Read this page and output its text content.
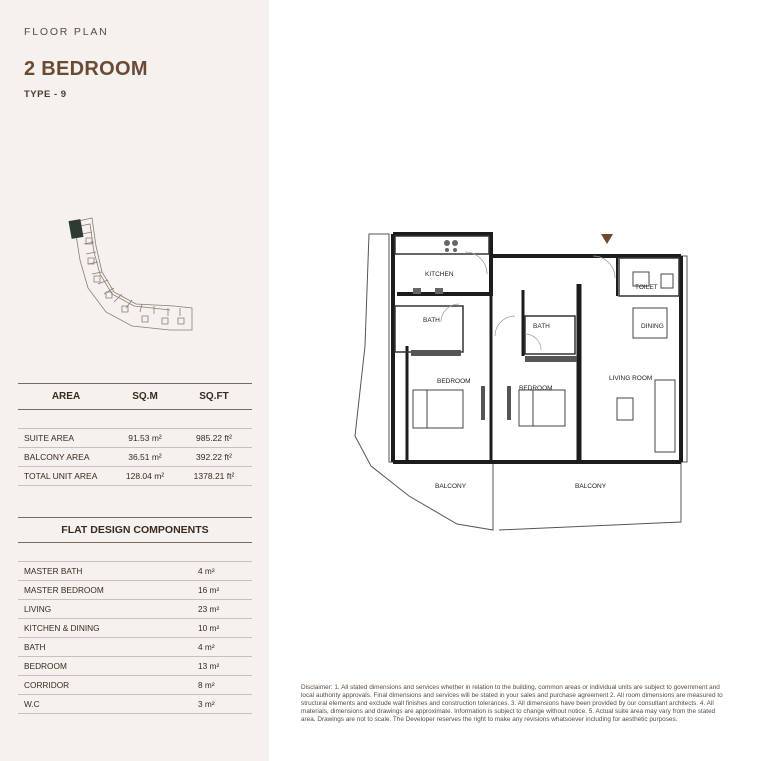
FLOOR PLAN
2 BEDROOM
TYPE - 9
AREA	SQ.M	SQ.FT
SUITE AREA	91.53 m²	985.22 ft²
BALCONY AREA	36.51 m²	392.22 ft²
TOTAL UNIT AREA	128.04 m²	1378.21 ft²
FLAT DESIGN COMPONENTS
MASTER BATH	4 m²
MASTER BEDROOM	16 m²
LIVING	23 m²
KITCHEN & DINING	10 m²
BATH	4 m²
BEDROOM	13 m²
CORRIDOR	8 m²
W.C	3 m²
KITCHEN
BATH
BATH
BEDROOM
BEDROOM
LIVING ROOM
TOILET
DINING
BALCONY	BALCONY
Disclaimer: 1. All stated dimensions and services whether in relation to the building, common areas or individual units are subject to government and local authority approvals. Final dimensions and services will be stated in your sales and purchase agreement 2. All room dimensions are measured to structural elements and exclude wall finishes and construction tolerances. 3. All dimensions have been provided by our consultant architects. 4. All materials, dimensions and drawings are approximate. Information is subject to change without notice. 5. Actual suite area may vary from the stated area. Drawings are not to scale. The Developer reserves the right to make any revisions whatsoever including for aesthetic purposes.
